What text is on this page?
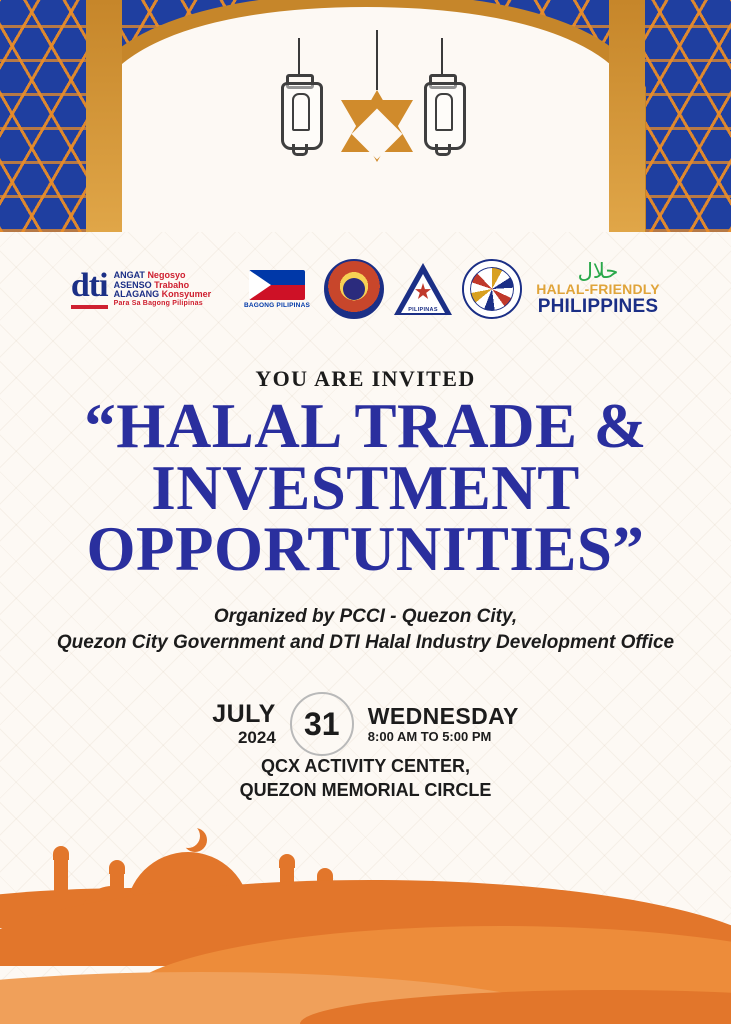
dti ANGAT Negosyo
ASENSO Trabaho
ALAGANG Konsyumer
Para Sa Bagong Pilipinas	BAGONG PILIPINAS
PILIPINAS
حلال
HALAL-FRIENDLY
PHILIPPINES
YOU ARE INVITED
“HALAL TRADE &
INVESTMENT
OPPORTUNITIES”
Organized by PCCI - Quezon City,
Quezon City Government and DTI Halal Industry Development Office
JULY
2024 31	WEDNESDAY
8:00 AM TO 5:00 PM
QCX ACTIVITY CENTER,
QUEZON MEMORIAL CIRCLE
